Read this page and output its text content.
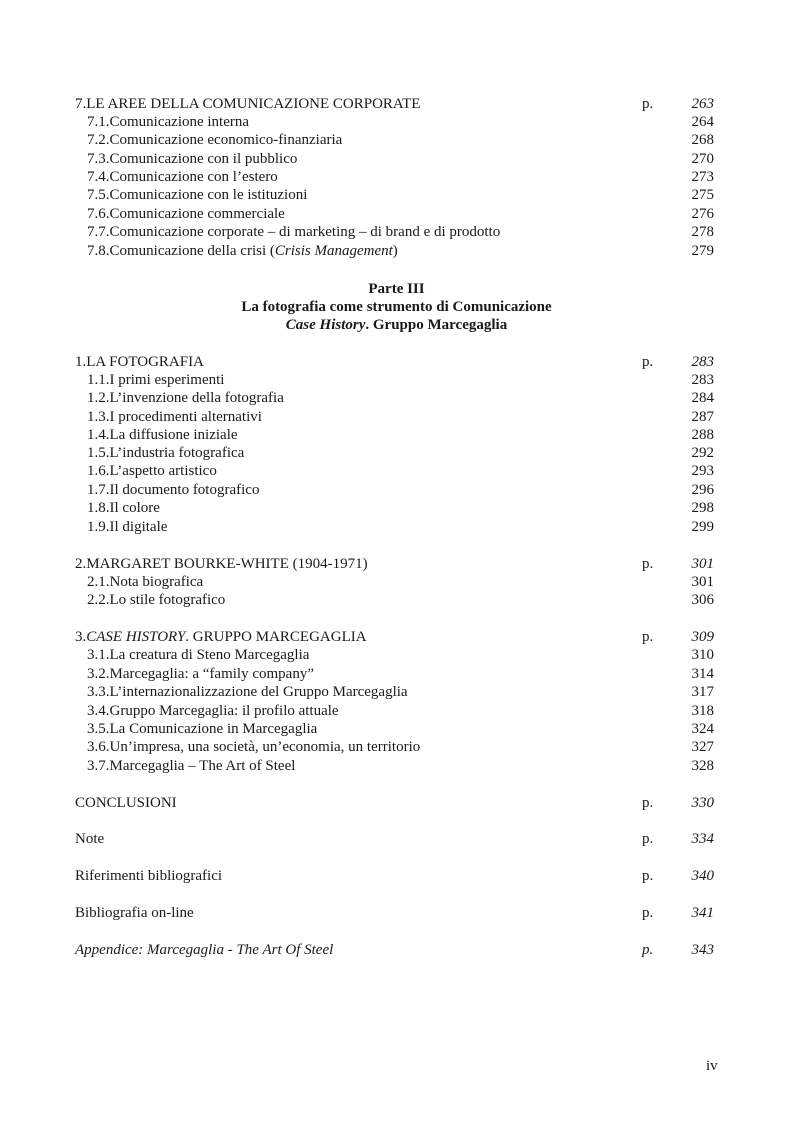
7.LE AREE DELLA COMUNICAZIONE CORPORATE	p.	263
7.1.Comunicazione interna	264
7.2.Comunicazione economico-finanziaria	268
7.3.Comunicazione con il pubblico	270
7.4.Comunicazione con l’estero	273
7.5.Comunicazione con le istituzioni	275
7.6.Comunicazione commerciale	276
7.7.Comunicazione corporate – di marketing – di brand e di prodotto	278
7.8.Comunicazione della crisi (Crisis Management)	279
Parte III
La fotografia come strumento di Comunicazione
Case History. Gruppo Marcegaglia
1.LA FOTOGRAFIA	p.	283
1.1.I primi esperimenti	283
1.2.L’invenzione della fotografia	284
1.3.I procedimenti alternativi	287
1.4.La diffusione iniziale	288
1.5.L’industria fotografica	292
1.6.L’aspetto artistico	293
1.7.Il documento fotografico	296
1.8.Il colore	298
1.9.Il digitale	299
2.MARGARET BOURKE-WHITE (1904-1971)	p.	301
2.1.Nota biografica	301
2.2.Lo stile fotografico	306
3.CASE HISTORY. GRUPPO MARCEGAGLIA	p.	309
3.1.La creatura di Steno Marcegaglia	310
3.2.Marcegaglia: a “family company”	314
3.3.L’internazionalizzazione del Gruppo Marcegaglia	317
3.4.Gruppo Marcegaglia: il profilo attuale	318
3.5.La Comunicazione in Marcegaglia	324
3.6.Un’impresa, una società, un’economia, un territorio	327
3.7.Marcegaglia – The Art of Steel	328
CONCLUSIONI	p.	330
Note	p.	334
Riferimenti bibliografici	p.	340
Bibliografia on-line	p.	341
Appendice: Marcegaglia - The Art Of Steel	p.	343
iv
